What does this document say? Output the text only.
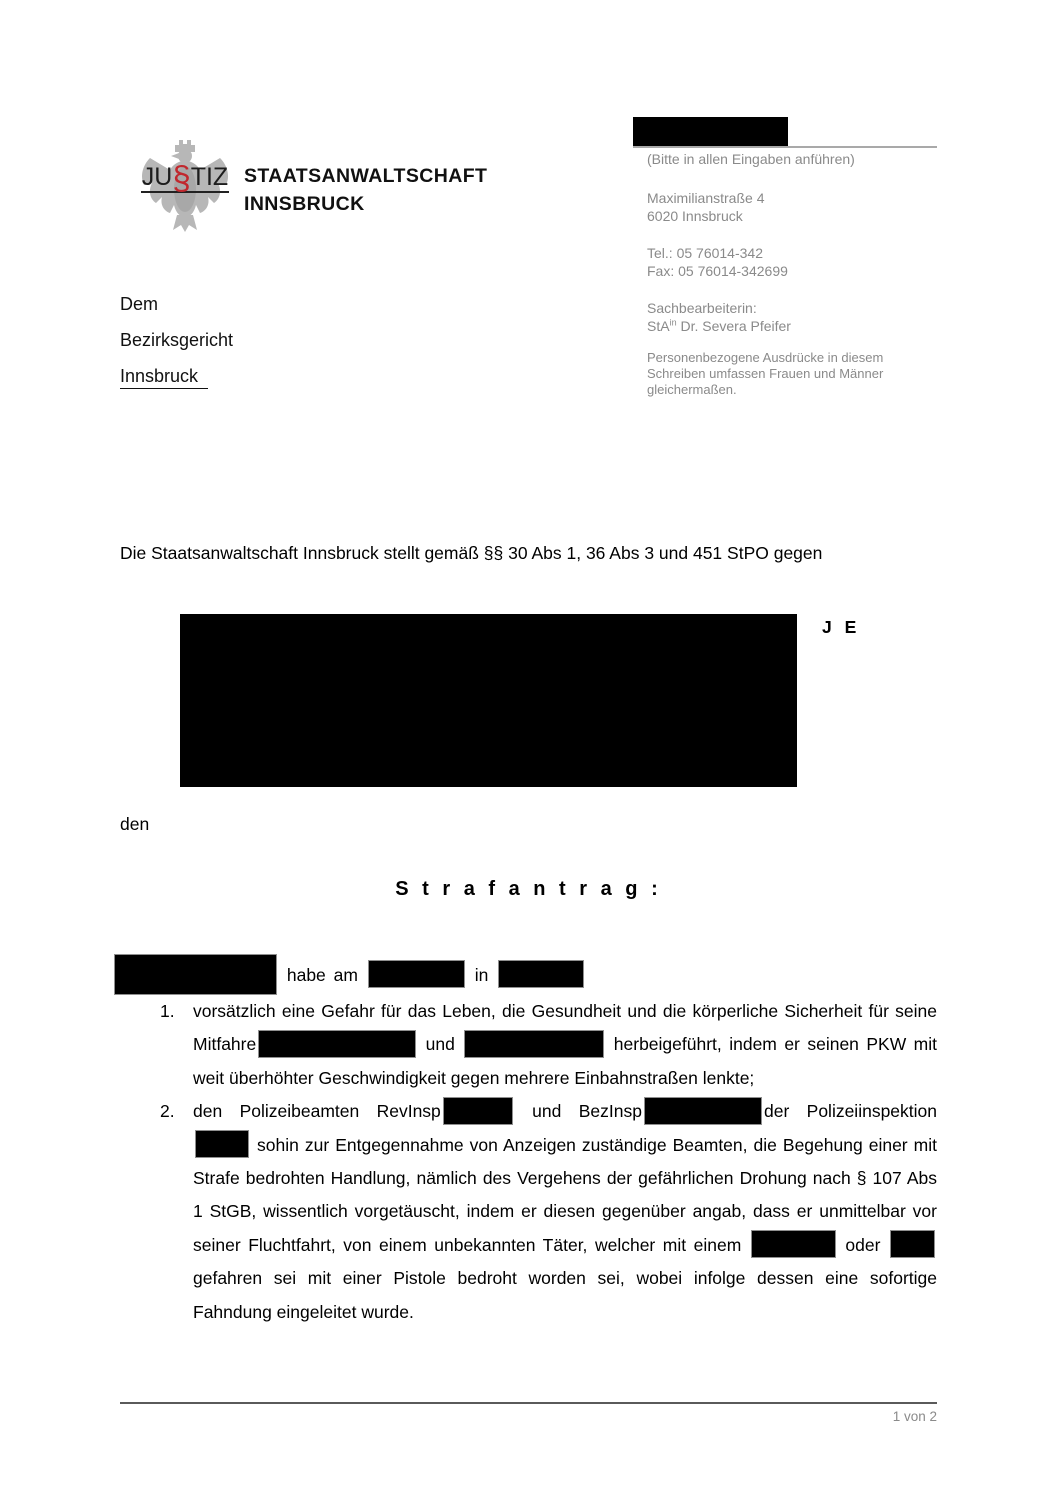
JU§TIZ STAATSANWALTSCHAFT
INNSBRUCK
(Bitte in allen Eingaben anführen)
Maximilianstraße 4
6020 Innsbruck
Tel.: 05 76014-342
Fax: 05 76014-342699
Sachbearbeiterin:
StA$^{in}$ Dr. Severa Pfeifer
Personenbezogene Ausdrücke in diesem Schreiben umfassen Frauen und Männer gleichermaßen.
Dem
Bezirksgericht
Innsbruck
Die Staatsanwaltschaft Innsbruck stellt gemäß §§ 30 Abs 1, 36 Abs 3 und 451 StPO gegen
J E
den
S t r a f a n t r a g :
habe am	in
1.	vorsätzlich eine Gefahr für das Leben, die Gesundheit und die körperliche Sicherheit für seine Mitfahre	und	herbeigeführt, indem er seinen PKW mit weit überhöhter Geschwindigkeit gegen mehrere Einbahnstraßen lenkte;
2.	den Polizeibeamten RevInsp	und BezInsp	der Polizeiinspektion  sohin zur Entgegennahme von Anzeigen zuständige Beamten, die Begehung einer mit Strafe bedrohten Handlung, nämlich des Vergehens der gefährlichen Drohung nach § 107 Abs 1 StGB, wissentlich vorgetäuscht, indem er diesen gegenüber angab, dass er unmittelbar vor seiner Fluchtfahrt, von einem unbekannten Täter, welcher mit einem	oder  gefahren sei mit einer Pistole bedroht worden sei, wobei infolge dessen eine sofortige Fahndung eingeleitet wurde.
1 von 2
